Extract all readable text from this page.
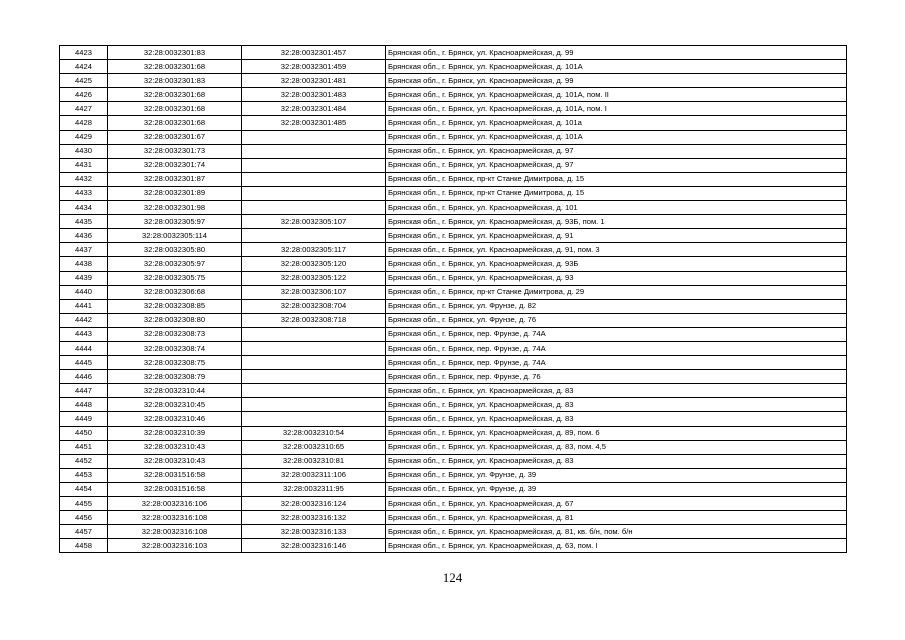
4423	32:28:0032301:83	32:28:0032301:457	Брянская обл., г. Брянск, ул. Красноармейская, д. 99
4424	32:28:0032301:68	32:28:0032301:459	Брянская обл., г. Брянск, ул. Красноармейская, д. 101А
4425	32:28:0032301:83	32:28:0032301:481	Брянская обл., г. Брянск, ул. Красноармейская, д. 99
4426	32:28:0032301:68	32:28:0032301:483	Брянская обл., г. Брянск, ул. Красноармейская, д. 101А, пом. II
4427	32:28:0032301:68	32:28:0032301:484	Брянская обл., г. Брянск, ул. Красноармейская, д. 101А, пом. I
4428	32:28:0032301:68	32:28:0032301:485	Брянская обл., г. Брянск, ул. Красноармейская, д. 101а
4429	32:28:0032301:67		Брянская обл., г. Брянск, ул. Красноармейская, д. 101А
4430	32:28:0032301:73		Брянская обл., г. Брянск, ул. Красноармейская, д. 97
4431	32:28:0032301:74		Брянская обл., г. Брянск, ул. Красноармейская, д. 97
4432	32:28:0032301:87		Брянская обл., г. Брянск, пр-кт Станке Димитрова, д. 15
4433	32:28:0032301:89		Брянская обл., г. Брянск, пр-кт Станке Димитрова, д. 15
4434	32:28:0032301:98		Брянская обл., г. Брянск, ул. Красноармейская, д. 101
4435	32:28:0032305:97	32:28:0032305:107	Брянская обл., г. Брянск, ул. Красноармейская, д. 93Б, пом. 1
4436	32:28:0032305:114		Брянская обл., г. Брянск, ул. Красноармейская, д. 91
4437	32:28:0032305:80	32:28:0032305:117	Брянская обл., г. Брянск, ул. Красноармейская, д. 91, пом. 3
4438	32:28:0032305:97	32:28:0032305:120	Брянская обл., г. Брянск, ул. Красноармейская, д. 93Б
4439	32:28:0032305:75	32:28:0032305:122	Брянская обл., г. Брянск, ул. Красноармейская, д. 93
4440	32:28:0032306:68	32:28:0032306:107	Брянская обл., г. Брянск, пр-кт Станке Димитрова, д. 29
4441	32:28:0032308:85	32:28:0032308:704	Брянская обл., г. Брянск, ул. Фрунзе, д. 82
4442	32:28:0032308:80	32:28:0032308:718	Брянская обл., г. Брянск, ул. Фрунзе, д. 76
4443	32:28:0032308:73		Брянская обл., г. Брянск, пер. Фрунзе, д. 74А
4444	32:28:0032308:74		Брянская обл., г. Брянск, пер. Фрунзе, д. 74А
4445	32:28:0032308:75		Брянская обл., г. Брянск, пер. Фрунзе, д. 74А
4446	32:28:0032308:79		Брянская обл., г. Брянск, пер. Фрунзе, д. 76
4447	32:28:0032310:44		Брянская обл., г. Брянск, ул. Красноармейская, д. 83
4448	32:28:0032310:45		Брянская обл., г. Брянск, ул. Красноармейская, д. 83
4449	32:28:0032310:46		Брянская обл., г. Брянск, ул. Красноармейская, д. 83
4450	32:28:0032310:39	32:28:0032310:54	Брянская обл., г. Брянск, ул. Красноармейская, д. 89, пом. 6
4451	32:28:0032310:43	32:28:0032310:65	Брянская обл., г. Брянск, ул. Красноармейская, д. 83, пом. 4,5
4452	32:28:0032310:43	32:28:0032310:81	Брянская обл., г. Брянск, ул. Красноармейская, д. 83
4453	32:28:0031516:58	32:28:0032311:106	Брянская обл., г. Брянск, ул. Фрунзе, д. 39
4454	32:28:0031516:58	32:28:0032311:95	Брянская обл., г. Брянск, ул. Фрунзе, д. 39
4455	32:28:0032316:106	32:28:0032316:124	Брянская обл., г. Брянск, ул. Красноармейская, д. 67
4456	32:28:0032316:108	32:28:0032316:132	Брянская обл., г. Брянск, ул. Красноармейская, д. 81
4457	32:28:0032316:108	32:28:0032316:133	Брянская обл., г. Брянск, ул. Красноармейская, д. 81, кв. б/н, пом. б/н
4458	32:28:0032316:103	32:28:0032316:146	Брянская обл., г. Брянск, ул. Красноармейская, д. 63, пом. I
124
